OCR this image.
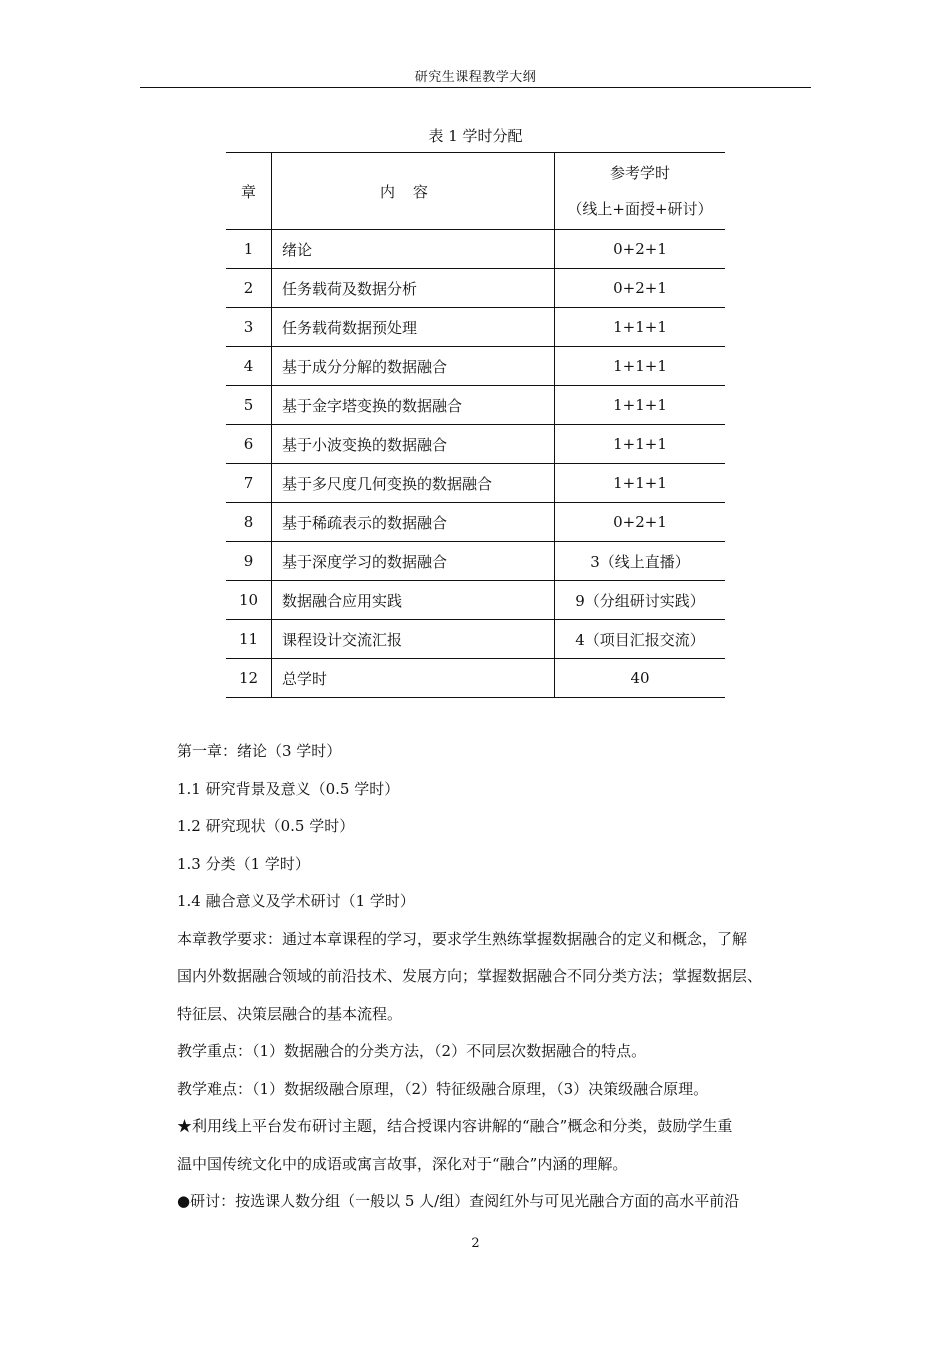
研究生课程教学大纲
表 1 学时分配
章	内容	参考学时
（线上+面授+研讨）

1	绪论	0+2+1
2	任务载荷及数据分析	0+2+1
3	任务载荷数据预处理	1+1+1
4	基于成分分解的数据融合	1+1+1
5	基于金字塔变换的数据融合	1+1+1
6	基于小波变换的数据融合	1+1+1
7	基于多尺度几何变换的数据融合	1+1+1
8	基于稀疏表示的数据融合	0+2+1
9	基于深度学习的数据融合	3（线上直播）
10	数据融合应用实践	9（分组研讨实践）
11	课程设计交流汇报	4（项目汇报交流）
12	总学时	40

第一章：绪论（3 学时）

1.1 研究背景及意义（0.5 学时）

1.2 研究现状（0.5 学时）

1.3 分类（1 学时）

1.4 融合意义及学术研讨（1 学时）

本章教学要求：通过本章课程的学习，要求学生熟练掌握数据融合的定义和概念，了解

国内外数据融合领域的前沿技术、发展方向；掌握数据融合不同分类方法；掌握数据层、

特征层、决策层融合的基本流程。

教学重点：（1）数据融合的分类方法，（2）不同层次数据融合的特点。

教学难点：（1）数据级融合原理，（2）特征级融合原理，（3）决策级融合原理。

★利用线上平台发布研讨主题，结合授课内容讲解的“融合”概念和分类，鼓励学生重

温中国传统文化中的成语或寓言故事，深化对于“融合”内涵的理解。

●研讨：按选课人数分组（一般以 5 人/组）查阅红外与可见光融合方面的高水平前沿

2
